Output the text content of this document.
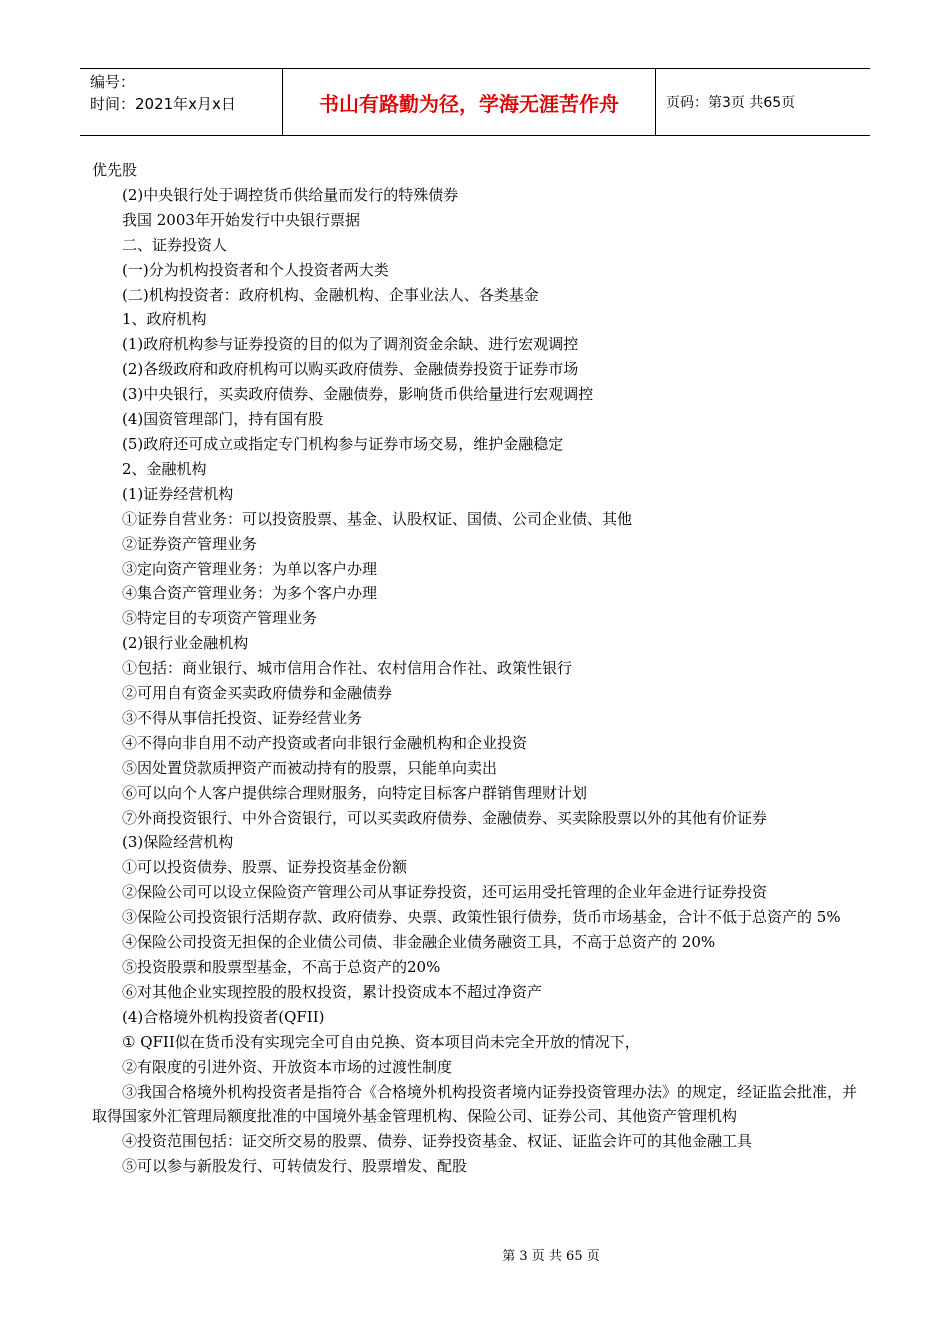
编号：
时间：2021年x月x日	书山有路勤为径，学海无涯苦作舟	页码：第3页 共65页

优先股

(2)中央银行处于调控货币供给量而发行的特殊债券

我国 2003年开始发行中央银行票据

二、证券投资人

(一)分为机构投资者和个人投资者两大类

(二)机构投资者：政府机构、金融机构、企事业法人、各类基金

1、政府机构

(1)政府机构参与证券投资的目的似为了调剂资金余缺、进行宏观调控

(2)各级政府和政府机构可以购买政府债券、金融债券投资于证券市场

(3)中央银行，买卖政府债券、金融债券，影响货币供给量进行宏观调控

(4)国资管理部门，持有国有股

(5)政府还可成立或指定专门机构参与证券市场交易，维护金融稳定

2、金融机构

(1)证券经营机构

①证券自营业务：可以投资股票、基金、认股权证、国债、公司企业债、其他

②证券资产管理业务

③定向资产管理业务：为单以客户办理

④集合资产管理业务：为多个客户办理

⑤特定目的专项资产管理业务

(2)银行业金融机构

①包括：商业银行、城市信用合作社、农村信用合作社、政策性银行

②可用自有资金买卖政府债券和金融债券

③不得从事信托投资、证券经营业务

④不得向非自用不动产投资或者向非银行金融机构和企业投资

⑤因处置贷款质押资产而被动持有的股票，只能单向卖出

⑥可以向个人客户提供综合理财服务，向特定目标客户群销售理财计划

⑦外商投资银行、中外合资银行，可以买卖政府债券、金融债券、买卖除股票以外的其他有价证券

(3)保险经营机构

①可以投资债券、股票、证券投资基金份额

②保险公司可以设立保险资产管理公司从事证券投资，还可运用受托管理的企业年金进行证券投资

③保险公司投资银行活期存款、政府债券、央票、政策性银行债券，货币市场基金，合计不低于总资产的 5%

④保险公司投资无担保的企业债公司债、非金融企业债务融资工具，不高于总资产的 20%

⑤投资股票和股票型基金，不高于总资产的20%

⑥对其他企业实现控股的股权投资，累计投资成本不超过净资产

(4)合格境外机构投资者(QFII)

① QFII似在货币没有实现完全可自由兑换、资本项目尚未完全开放的情况下，

②有限度的引进外资、开放资本市场的过渡性制度

③我国合格境外机构投资者是指符合《合格境外机构投资者境内证券投资管理办法》的规定，经证监会批准，并取得国家外汇管理局额度批准的中国境外基金管理机构、保险公司、证券公司、其他资产管理机构

④投资范围包括：证交所交易的股票、债券、证券投资基金、权证、证监会许可的其他金融工具

⑤可以参与新股发行、可转债发行、股票增发、配股

第 3 页 共 65 页
